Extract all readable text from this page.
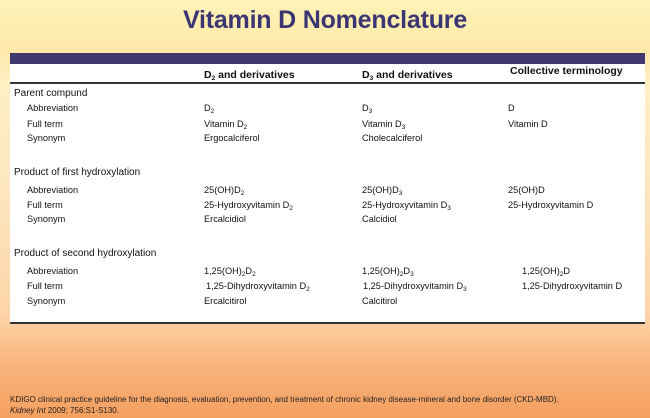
Vitamin D Nomenclature
$D_2$ and derivatives	$D_3$ and derivatives	Collective terminology
Parent compund
Abbreviation	$D_2$	$D_3$	D
Full term	Vitamin $D_2$	Vitamin $D_3$	Vitamin D
Synonym	Ergocalciferol	Cholecalciferol
Product of first hydroxylation
Abbreviation	$25(OH)D_2$	$25(OH)D_3$	25(OH)D
Full term	25-Hydroxyvitamin $D_2$	25-Hydroxyvitamin $D_3$	25-Hydroxyvitamin D
Synonym	Ercalcidiol	Calcidiol
Product of second hydroxylation
Abbreviation	$1,25(OH)_2D_2$	$1,25(OH)_2D_3$	$1,25(OH)_2D$
Full term	1,25-Dihydroxyvitamin $D_2$	1,25-Dihydroxyvitamin $D_3$	1,25-Dihydroxyvitamin D
Synonym	Ercalcitirol	Calcitirol
KDIGO clinical practice guideline for the diagnosis, evaluation, prevention, and treatment of chronic kidney disease-mineral and bone disorder (CKD-MBD).
Kidney Int 2009; 756:S1-S130.
